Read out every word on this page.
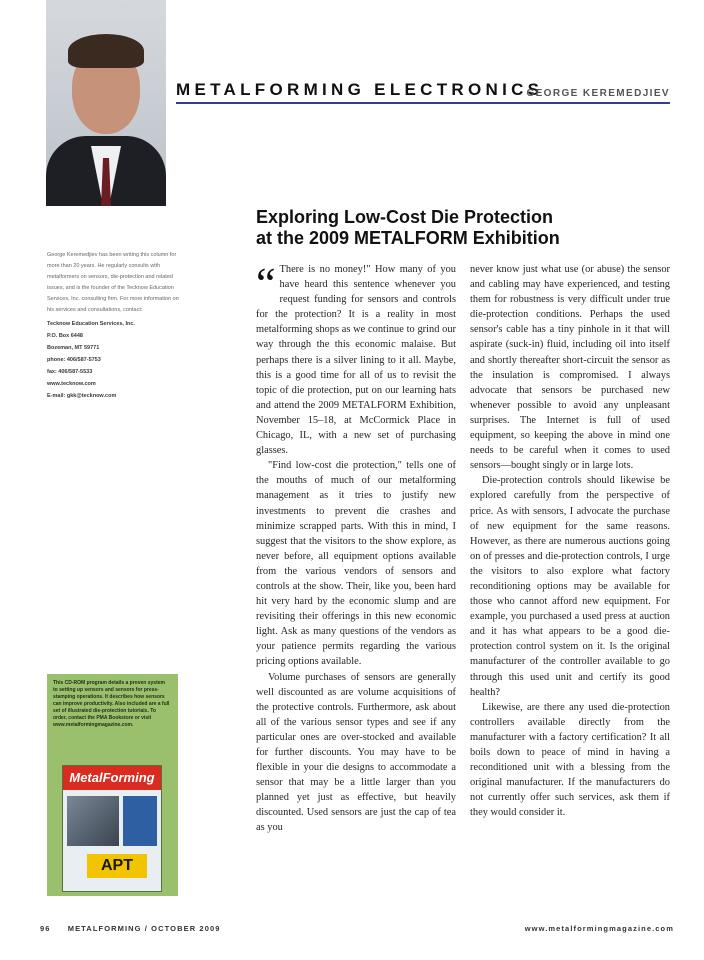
METALFORMING ELECTRONICS
GEORGE KEREMEDJIEV
Exploring Low-Cost Die Protection
at the 2009 METALFORM Exhibition

George Keremedjiev has been writing this column for more than 20 years. He regularly consults with metalformers on sensors, die-protection and related issues, and is the founder of the Tecknow Education Services, Inc. consulting firm. For more information on his services and consultations, contact:

Tecknow Education Services, Inc.
P.O. Box 6448
Bozeman, MT 59771
phone: 406/587-5753
fax: 406/587-5533
www.tecknow.com
E-mail: gkk@tecknow.com

This CD-ROM program details a proven system to setting up sensors and sensors for press-stamping operations. It describes how sensors can improve productivity. Also included are a full set of illustrated die-protection tutorials. To order, contact the PMA Bookstore or visit www.metalformingmagazine.com.

MetalForming
APT

“ There is no money!" How many of you have heard this sentence whenever you request funding for sensors and controls for the protection? It is a reality in most metalforming shops as we continue to grind our way through the this economic malaise. But perhaps there is a silver lining to it all. Maybe, this is a good time for all of us to revisit the topic of die protection, put on our learning hats and attend the 2009 METALFORM Exhibition, November 15–18, at McCormick Place in Chicago, IL, with a new set of purchasing glasses.

"Find low-cost die protection," tells one of the mouths of much of our metalforming management as it tries to justify new investments to prevent die crashes and minimize scrapped parts. With this in mind, I suggest that the visitors to the show explore, as never before, all equipment options available from the various vendors of sensors and controls at the show. Their, like you, been hard hit very hard by the economic slump and are revisiting their offerings in this new economic light. Ask as many questions of the vendors as your patience permits regarding the various pricing options available.

Volume purchases of sensors are generally well discounted as are volume acquisitions of the protective controls. Furthermore, ask about all of the various sensor types and see if any particular ones are over-stocked and available for further discounts. You may have to be flexible in your die designs to accommodate a sensor that may be a little larger than you planned yet just as effective, but heavily discounted. Used sensors are just the cap of tea as you

never know just what use (or abuse) the sensor and cabling may have experienced, and testing them for robustness is very difficult under true die-protection conditions. Perhaps the used sensor's cable has a tiny pinhole in it that will aspirate (suck-in) fluid, including oil into itself and shortly thereafter short-circuit the sensor as the insulation is compromised. I always advocate that sensors be purchased new whenever possible to avoid any unpleasant surprises. The Internet is full of used equipment, so keeping the above in mind one needs to be careful when it comes to used sensors—bought singly or in large lots.

Die-protection controls should likewise be explored carefully from the perspective of price. As with sensors, I advocate the purchase of new equipment for the same reasons. However, as there are numerous auctions going on of presses and die-protection controls, I urge the visitors to also explore what factory reconditioning options may be available for those who cannot afford new equipment. For example, you purchased a used press at auction and it has what appears to be a good die-protection control system on it. Is the original manufacturer of the controller available to go through this used unit and certify its good health?

Likewise, are there any used die-protection controllers available directly from the manufacturer with a factory certification? It all boils down to peace of mind in having a reconditioned unit with a blessing from the original manufacturer. If the manufacturers do not currently offer such services, ask them if they would consider it.

96 METALFORMING / OCTOBER 2009	www.metalformingmagazine.com
